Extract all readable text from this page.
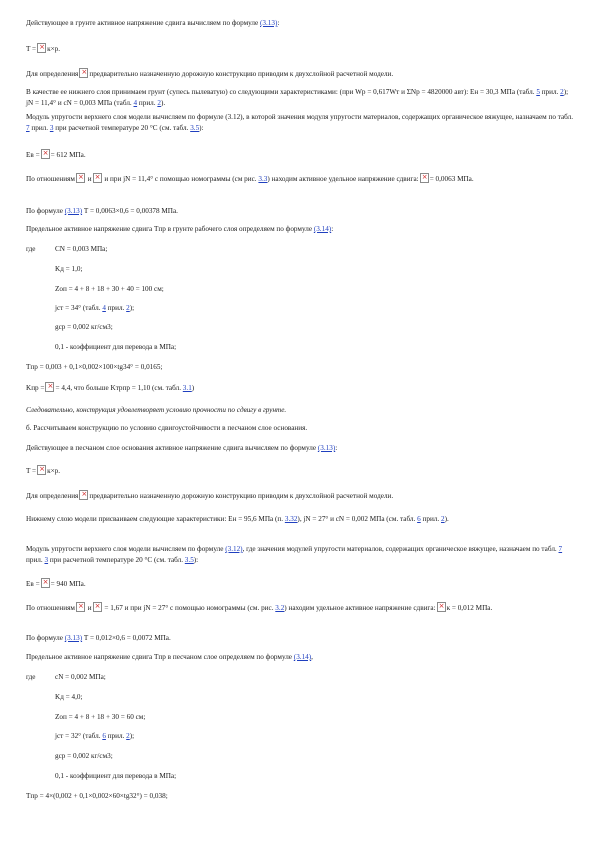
Действующее в грунте активное напряжение сдвига вычисляем по формуле (3.13):
T = × к×р.
Для определения × предварительно назначенную дорожную конструкцию приводим к двухслойной расчетной модели.
В качестве ее нижнего слоя принимаем грунт (супесь пылеватую) со следующими характеристиками: (при Wp = 0,617Wт и ΣNp = 4820000 авт): Eн = 30,3 МПа (табл. 5 прил. 2); jN = 11,4° и cN = 0,003 МПа (табл. 4 прил. 2).
Модуль упругости верхнего слоя модели вычисляем по формуле (3.12), в которой значения модуля упругости материалов, содержащих органическое вяжущее, назначаем по табл. 7 прил. 3 при расчетной температуре 20 °С (см. табл. 3.5):
Eв = × = 612 МПа.
По отношениям × и × и при jN = 11,4° с помощью номограммы (см рис. 3.3) находим активное удельное напряжение сдвига: × = 0,0063 МПа.
По формуле (3.13) T = 0,0063×0,6 = 0,00378 МПа.
Предельное активное напряжение сдвига Tпр в грунте рабочего слоя определяем по формуле (3.14):
где	CN = 0,003 МПа;
Kд = 1,0;
Zоп = 4 + 8 + 18 + 30 + 40 = 100 см;
jст = 34° (табл. 4 прил. 2);
gср = 0,002 кг/см3;
0,1 - коэффициент для перевода в МПа;
Tпр = 0,003 + 0,1×0,002×100×tg34° = 0,0165;
Kпр = × = 4,4, что больше Kтрпр = 1,10 (см. табл. 3.1)
Следовательно, конструкция удовлетворяет условию прочности по сдвигу в грунте.
б. Рассчитываем конструкцию по условию сдвигоустойчивости в песчаном слое основания.
Действующее в песчаном слое основания активное напряжение сдвига вычисляем по формуле (3.13):
T = × к×р.
Для определения × предварительно назначенную дорожную конструкцию приводим к двухслойной расчетной модели.
Нижнему слою модели присваиваем следующие характеристики: Eн = 95,6 МПа (п. 3.32), jN = 27° и cN = 0,002 МПа (см. табл. 6 прил. 2).
Модуль упругости верхнего слоя модели вычисляем по формуле (3.12), где значения модулей упругости материалов, содержащих органическое вяжущее, назначаем по табл. 7 прил. 3 при расчетной температуре 20 °С (см. табл. 3.5):
Eв = × = 940 МПа.
По отношениям × и × = 1,67 и при jN = 27° с помощью номограммы (см. рис. 3.2) находим удельное активное напряжение сдвига: × к = 0,012 МПа.
По формуле (3.13) T = 0,012×0,6 = 0,0072 МПа.
Предельное активное напряжение сдвига Tпр в песчаном слое определяем по формуле (3.14),
где	cN = 0,002 МПа;
Kд = 4,0;
Zоп = 4 + 8 + 18 + 30 = 60 см;
jст = 32° (табл. 6 прил. 2);
gср = 0,002 кг/см3;
0,1 - коэффициент для перевода в МПа;
Tпр = 4×(0,002 + 0,1×0,002×60×tg32°) = 0,038;
